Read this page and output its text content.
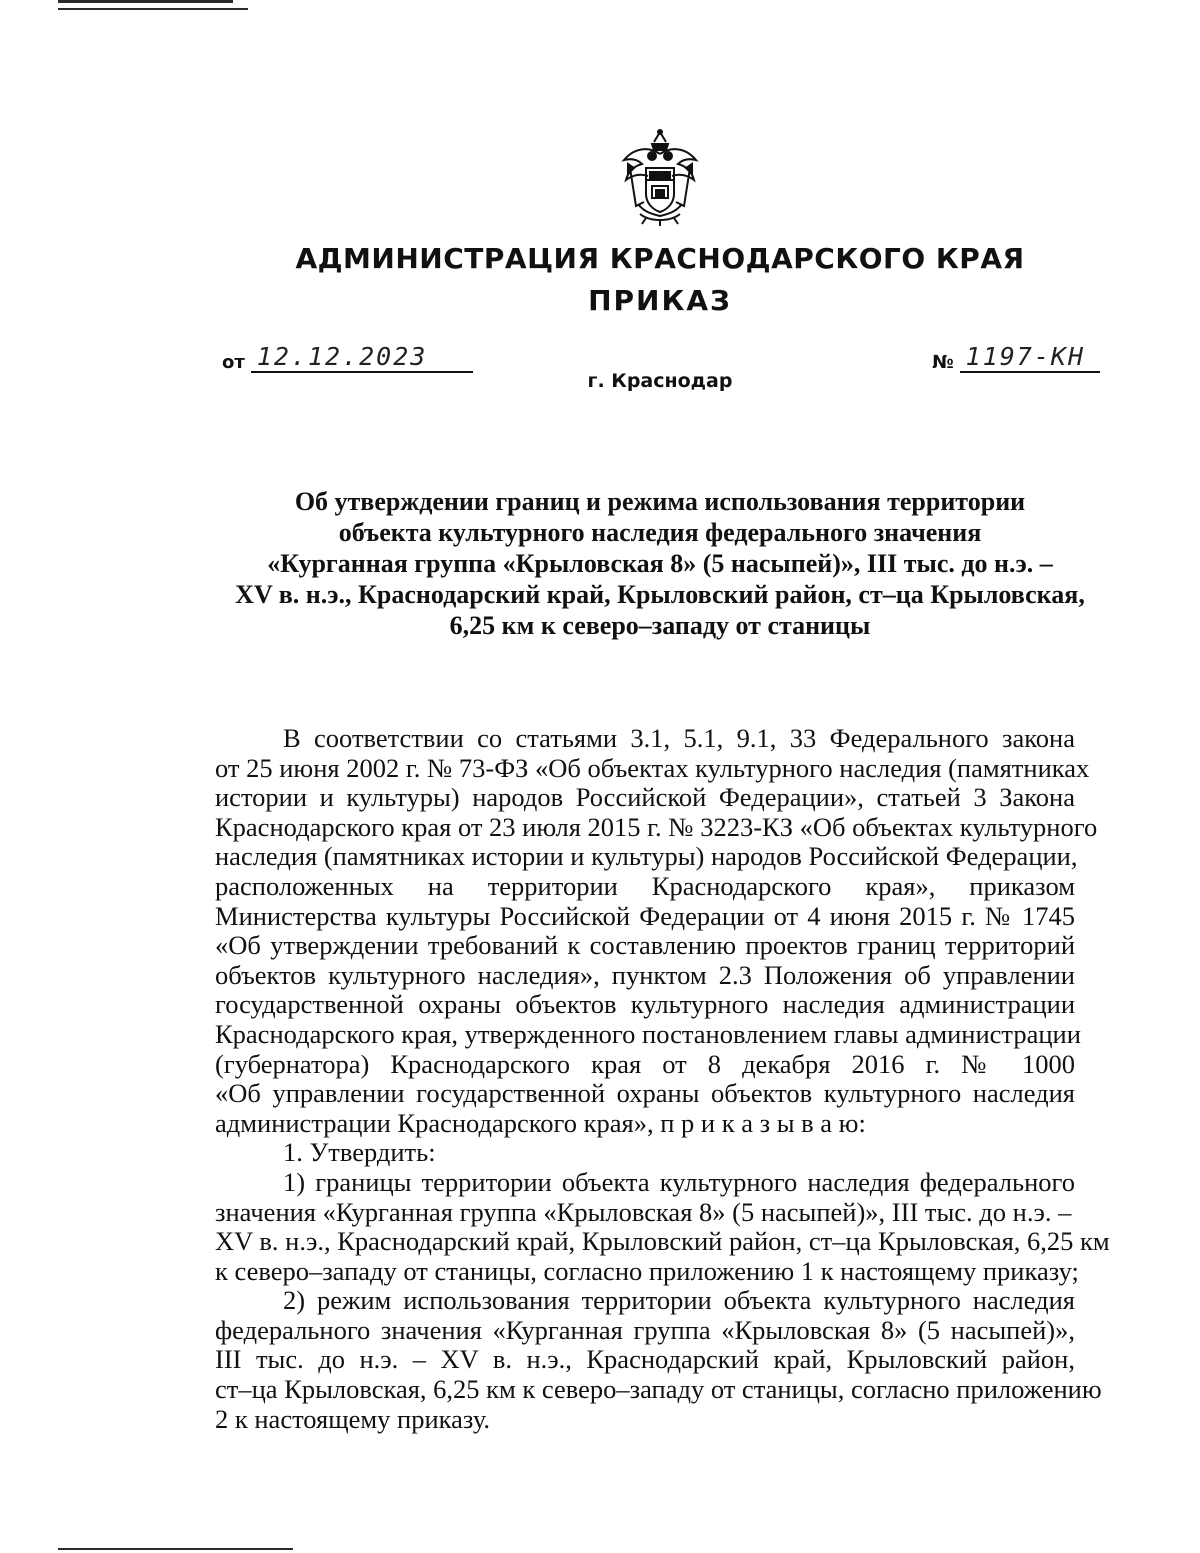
АДМИНИСТРАЦИЯ КРАСНОДАРСКОГО КРАЯ
ПРИКАЗ
от 12.12.2023	№ 1197-КН
г. Краснодар
Об утверждении границ и режима использования территории
объекта культурного наследия федерального значения
«Курганная группа «Крыловская 8» (5 насыпей)», III тыс. до н.э. –
XV в. н.э., Краснодарский край, Крыловский район, ст–ца Крыловская,
6,25 км к северо–западу от станицы
В соответствии со статьями 3.1, 5.1, 9.1, 33 Федерального закона
от 25 июня 2002 г. № 73-ФЗ «Об объектах культурного наследия (памятниках
истории и культуры) народов Российской Федерации», статьей 3 Закона
Краснодарского края от 23 июля 2015 г. № 3223-КЗ «Об объектах культурного
наследия (памятниках истории и культуры) народов Российской Федерации,
расположенных на территории Краснодарского края», приказом
Министерства культуры Российской Федерации от 4 июня 2015 г. № 1745
«Об утверждении требований к составлению проектов границ территорий
объектов культурного наследия», пунктом 2.3 Положения об управлении
государственной охраны объектов культурного наследия администрации
Краснодарского края, утвержденного постановлением главы администрации
(губернатора) Краснодарского края от 8 декабря 2016 г. № 1000
«Об управлении государственной охраны объектов культурного наследия
администрации Краснодарского края», п р и к а з ы в а ю:
1. Утвердить:
1) границы территории объекта культурного наследия федерального
значения «Курганная группа «Крыловская 8» (5 насыпей)», III тыс. до н.э. –
XV в. н.э., Краснодарский край, Крыловский район, ст–ца Крыловская, 6,25 км
к северо–западу от станицы, согласно приложению 1 к настоящему приказу;
2) режим использования территории объекта культурного наследия
федерального значения «Курганная группа «Крыловская 8» (5 насыпей)»,
III тыс. до н.э. – XV в. н.э., Краснодарский край, Крыловский район,
ст–ца Крыловская, 6,25 км к северо–западу от станицы, согласно приложению
2 к настоящему приказу.
